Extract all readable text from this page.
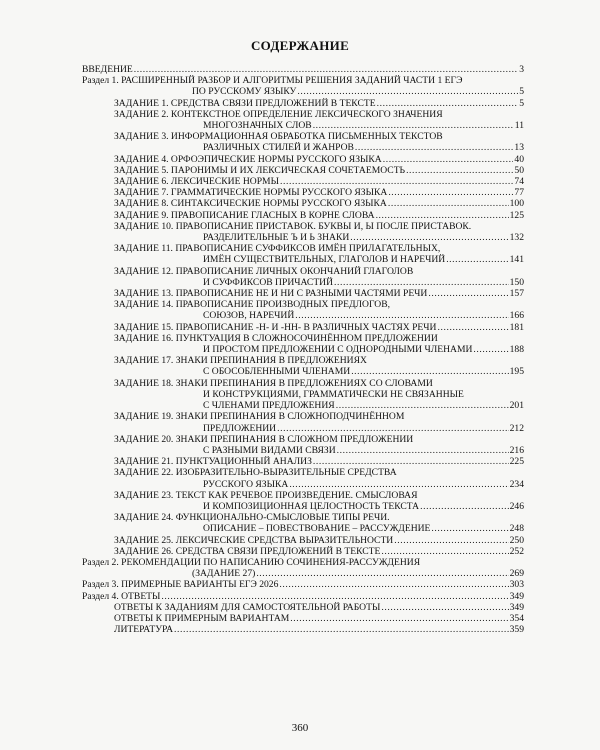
СОДЕРЖАНИЕ
ВВЕДЕНИЕ .....	3
Раздел 1. РАСШИРЕННЫЙ РАЗБОР И АЛГОРИТМЫ РЕШЕНИЯ ЗАДАНИЙ ЧАСТИ 1 ЕГЭ
ПО РУССКОМУ ЯЗЫКУ .....	5
ЗАДАНИЕ 1. СРЕДСТВА СВЯЗИ ПРЕДЛОЖЕНИЙ В ТЕКСТЕ .....	5
ЗАДАНИЕ 2. КОНТЕКСТНОЕ ОПРЕДЕЛЕНИЕ ЛЕКСИЧЕСКОГО ЗНАЧЕНИЯ
МНОГОЗНАЧНЫХ СЛОВ .....	11
ЗАДАНИЕ 3. ИНФОРМАЦИОННАЯ ОБРАБОТКА ПИСЬМЕННЫХ ТЕКСТОВ
РАЗЛИЧНЫХ СТИЛЕЙ И ЖАНРОВ .....	13
ЗАДАНИЕ 4. ОРФОЭПИЧЕСКИЕ НОРМЫ РУССКОГО ЯЗЫКА .....	40
ЗАДАНИЕ 5. ПАРОНИМЫ И ИХ ЛЕКСИЧЕСКАЯ СОЧЕТАЕМОСТЬ .....	50
ЗАДАНИЕ 6. ЛЕКСИЧЕСКИЕ НОРМЫ .....	74
ЗАДАНИЕ 7. ГРАММАТИЧЕСКИЕ НОРМЫ РУССКОГО ЯЗЫКА .....	77
ЗАДАНИЕ 8. СИНТАКСИЧЕСКИЕ НОРМЫ РУССКОГО ЯЗЫКА .....	100
ЗАДАНИЕ 9. ПРАВОПИСАНИЕ ГЛАСНЫХ В КОРНЕ СЛОВА .....	125
ЗАДАНИЕ 10. ПРАВОПИСАНИЕ ПРИСТАВОК. БУКВЫ И, Ы ПОСЛЕ ПРИСТАВОК.
РАЗДЕЛИТЕЛЬНЫЕ Ъ И Ь ЗНАКИ .....	132
ЗАДАНИЕ 11. ПРАВОПИСАНИЕ СУФФИКСОВ ИМЁН ПРИЛАГАТЕЛЬНЫХ,
ИМЁН СУЩЕСТВИТЕЛЬНЫХ, ГЛАГОЛОВ И НАРЕЧИЙ .....	141
ЗАДАНИЕ 12. ПРАВОПИСАНИЕ ЛИЧНЫХ ОКОНЧАНИЙ ГЛАГОЛОВ
И СУФФИКСОВ ПРИЧАСТИЙ .....	150
ЗАДАНИЕ 13. ПРАВОПИСАНИЕ НЕ И НИ С РАЗНЫМИ ЧАСТЯМИ РЕЧИ .....	157
ЗАДАНИЕ 14. ПРАВОПИСАНИЕ ПРОИЗВОДНЫХ ПРЕДЛОГОВ,
СОЮЗОВ, НАРЕЧИЙ .....	166
ЗАДАНИЕ 15. ПРАВОПИСАНИЕ -Н- И -НН- В РАЗЛИЧНЫХ ЧАСТЯХ РЕЧИ .....	181
ЗАДАНИЕ 16. ПУНКТУАЦИЯ В СЛОЖНОСОЧИНЁННОМ ПРЕДЛОЖЕНИИ
И ПРОСТОМ ПРЕДЛОЖЕНИИ С ОДНОРОДНЫМИ ЧЛЕНАМИ .....	188
ЗАДАНИЕ 17. ЗНАКИ ПРЕПИНАНИЯ В ПРЕДЛОЖЕНИЯХ
С ОБОСОБЛЕННЫМИ ЧЛЕНАМИ .....	195
ЗАДАНИЕ 18. ЗНАКИ ПРЕПИНАНИЯ В ПРЕДЛОЖЕНИЯХ СО СЛОВАМИ
И КОНСТРУКЦИЯМИ, ГРАММАТИЧЕСКИ НЕ СВЯЗАННЫЕ
С ЧЛЕНАМИ ПРЕДЛОЖЕНИЯ .....	201
ЗАДАНИЕ 19. ЗНАКИ ПРЕПИНАНИЯ В СЛОЖНОПОДЧИНЁННОМ
ПРЕДЛОЖЕНИИ .....	212
ЗАДАНИЕ 20. ЗНАКИ ПРЕПИНАНИЯ В СЛОЖНОМ ПРЕДЛОЖЕНИИ
С РАЗНЫМИ ВИДАМИ СВЯЗИ .....	216
ЗАДАНИЕ 21. ПУНКТУАЦИОННЫЙ АНАЛИЗ .....	225
ЗАДАНИЕ 22. ИЗОБРАЗИТЕЛЬНО-ВЫРАЗИТЕЛЬНЫЕ СРЕДСТВА
РУССКОГО ЯЗЫКА .....	234
ЗАДАНИЕ 23. ТЕКСТ КАК РЕЧЕВОЕ ПРОИЗВЕДЕНИЕ. СМЫСЛОВАЯ
И КОМПОЗИЦИОННАЯ ЦЕЛОСТНОСТЬ ТЕКСТА .....	246
ЗАДАНИЕ 24. ФУНКЦИОНАЛЬНО-СМЫСЛОВЫЕ ТИПЫ РЕЧИ.
ОПИСАНИЕ – ПОВЕСТВОВАНИЕ – РАССУЖДЕНИЕ .....	248
ЗАДАНИЕ 25. ЛЕКСИЧЕСКИЕ СРЕДСТВА ВЫРАЗИТЕЛЬНОСТИ .....	250
ЗАДАНИЕ 26. СРЕДСТВА СВЯЗИ ПРЕДЛОЖЕНИЙ В ТЕКСТЕ .....	252
Раздел 2. РЕКОМЕНДАЦИИ ПО НАПИСАНИЮ СОЧИНЕНИЯ-РАССУЖДЕНИЯ
(ЗАДАНИЕ 27) .....	269
Раздел 3. ПРИМЕРНЫЕ ВАРИАНТЫ ЕГЭ 2026 .....	303
Раздел 4. ОТВЕТЫ .....	349
ОТВЕТЫ К ЗАДАНИЯМ ДЛЯ САМОСТОЯТЕЛЬНОЙ РАБОТЫ .....	349
ОТВЕТЫ К ПРИМЕРНЫМ ВАРИАНТАМ .....	354
ЛИТЕРАТУРА .....	359
360
